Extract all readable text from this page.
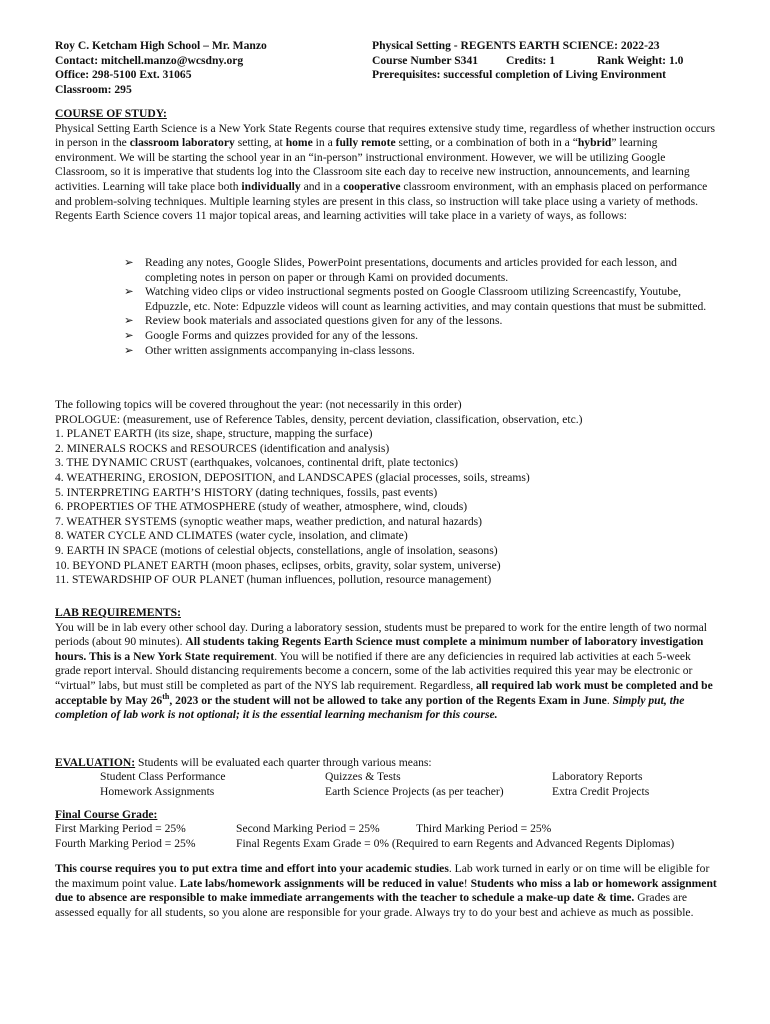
Roy C. Ketcham High School – Mr. Manzo
Contact: mitchell.manzo@wcsdny.org
Office: 298-5100 Ext. 31065
Classroom: 295
Physical Setting - REGENTS EARTH SCIENCE: 2022-23
Course Number S341 Credits: 1	Rank Weight: 1.0
Prerequisites: successful completion of Living Environment
COURSE OF STUDY:
Physical Setting Earth Science is a New York State Regents course that requires extensive study time, regardless of whether instruction occurs in person in the classroom laboratory setting, at home in a fully remote setting, or a combination of both in a “hybrid” learning environment. We will be starting the school year in an “in-person” instructional environment. However, we will be utilizing Google Classroom, so it is imperative that students log into the Classroom site each day to receive new instruction, announcements, and learning activities. Learning will take place both individually and in a cooperative classroom environment, with an emphasis placed on performance and problem-solving techniques. Multiple learning styles are present in this class, so instruction will take place using a variety of methods. Regents Earth Science covers 11 major topical areas, and learning activities will take place in a variety of ways, as follows:
➢ Reading any notes, Google Slides, PowerPoint presentations, documents and articles provided for each lesson, and completing notes in person on paper or through Kami on provided documents.
➢ Watching video clips or video instructional segments posted on Google Classroom utilizing Screencastify, Youtube, Edpuzzle, etc. Note: Edpuzzle videos will count as learning activities, and may contain questions that must be submitted.
➢ Review book materials and associated questions given for any of the lessons.
➢ Google Forms and quizzes provided for any of the lessons.
➢ Other written assignments accompanying in-class lessons.
The following topics will be covered throughout the year: (not necessarily in this order)
PROLOGUE: (measurement, use of Reference Tables, density, percent deviation, classification, observation, etc.)
1. PLANET EARTH (its size, shape, structure, mapping the surface)
2. MINERALS ROCKS and RESOURCES (identification and analysis)
3. THE DYNAMIC CRUST (earthquakes, volcanoes, continental drift, plate tectonics)
4. WEATHERING, EROSION, DEPOSITION, and LANDSCAPES (glacial processes, soils, streams)
5. INTERPRETING EARTH’S HISTORY (dating techniques, fossils, past events)
6. PROPERTIES OF THE ATMOSPHERE (study of weather, atmosphere, wind, clouds)
7. WEATHER SYSTEMS (synoptic weather maps, weather prediction, and natural hazards)
8. WATER CYCLE AND CLIMATES (water cycle, insolation, and climate)
9. EARTH IN SPACE (motions of celestial objects, constellations, angle of insolation, seasons)
10. BEYOND PLANET EARTH (moon phases, eclipses, orbits, gravity, solar system, universe)
11. STEWARDSHIP OF OUR PLANET (human influences, pollution, resource management)
LAB REQUIREMENTS:
You will be in lab every other school day. During a laboratory session, students must be prepared to work for the entire length of two normal periods (about 90 minutes). All students taking Regents Earth Science must complete a minimum number of laboratory investigation hours. This is a New York State requirement. You will be notified if there are any deficiencies in required lab activities at each 5-week grade report interval. Should distancing requirements become a concern, some of the lab activities required this year may be electronic or “virtual” labs, but must still be completed as part of the NYS lab requirement. Regardless, all required lab work must be completed and be acceptable by May 26th, 2023 or the student will not be allowed to take any portion of the Regents Exam in June. Simply put, the completion of lab work is not optional; it is the essential learning mechanism for this course.
EVALUATION: Students will be evaluated each quarter through various means:
Student Class Performance	Quizzes & Tests	Laboratory Reports
Homework Assignments	Earth Science Projects (as per teacher)	Extra Credit Projects
Final Course Grade:
First Marking Period = 25%	Second Marking Period = 25%	Third Marking Period = 25%
Fourth Marking Period = 25%	Final Regents Exam Grade = 0% (Required to earn Regents and Advanced Regents Diplomas)
This course requires you to put extra time and effort into your academic studies. Lab work turned in early or on time will be eligible for the maximum point value. Late labs/homework assignments will be reduced in value! Students who miss a lab or homework assignment due to absence are responsible to make immediate arrangements with the teacher to schedule a make-up date & time. Grades are assessed equally for all students, so you alone are responsible for your grade. Always try to do your best and achieve as much as possible.
